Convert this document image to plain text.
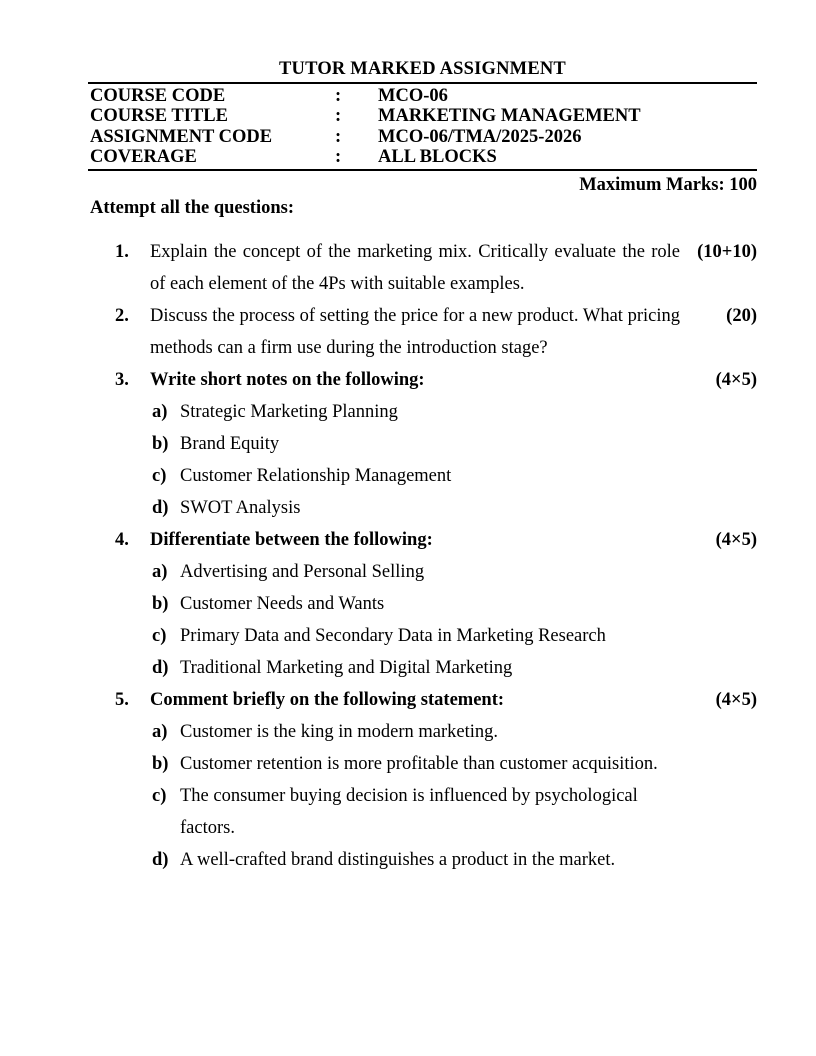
TUTOR MARKED ASSIGNMENT
COURSE CODE	:	MCO-06
COURSE TITLE	:	MARKETING MANAGEMENT
ASSIGNMENT CODE	:	MCO-06/TMA/2025-2026
COVERAGE	:	ALL BLOCKS
Maximum Marks: 100
Attempt all the questions:
1.	Explain the concept of the marketing mix. Critically evaluate the role of each element of the 4Ps with suitable examples.
(10+10)
2.	Discuss the process of setting the price for a new product. What pricing methods can a firm use during the introduction stage?
(20)
3.	Write short notes on the following:
a) Strategic Marketing Planning
b) Brand Equity
c) Customer Relationship Management
d) SWOT Analysis
(4×5)
4.	Differentiate between the following:
a) Advertising and Personal Selling
b) Customer Needs and Wants
c) Primary Data and Secondary Data in Marketing Research
d) Traditional Marketing and Digital Marketing
(4×5)
5.	Comment briefly on the following statement:
a) Customer is the king in modern marketing.
b) Customer retention is more profitable than customer acquisition.
c) The consumer buying decision is influenced by psychological factors.
d) A well-crafted brand distinguishes a product in the market.
(4×5)
